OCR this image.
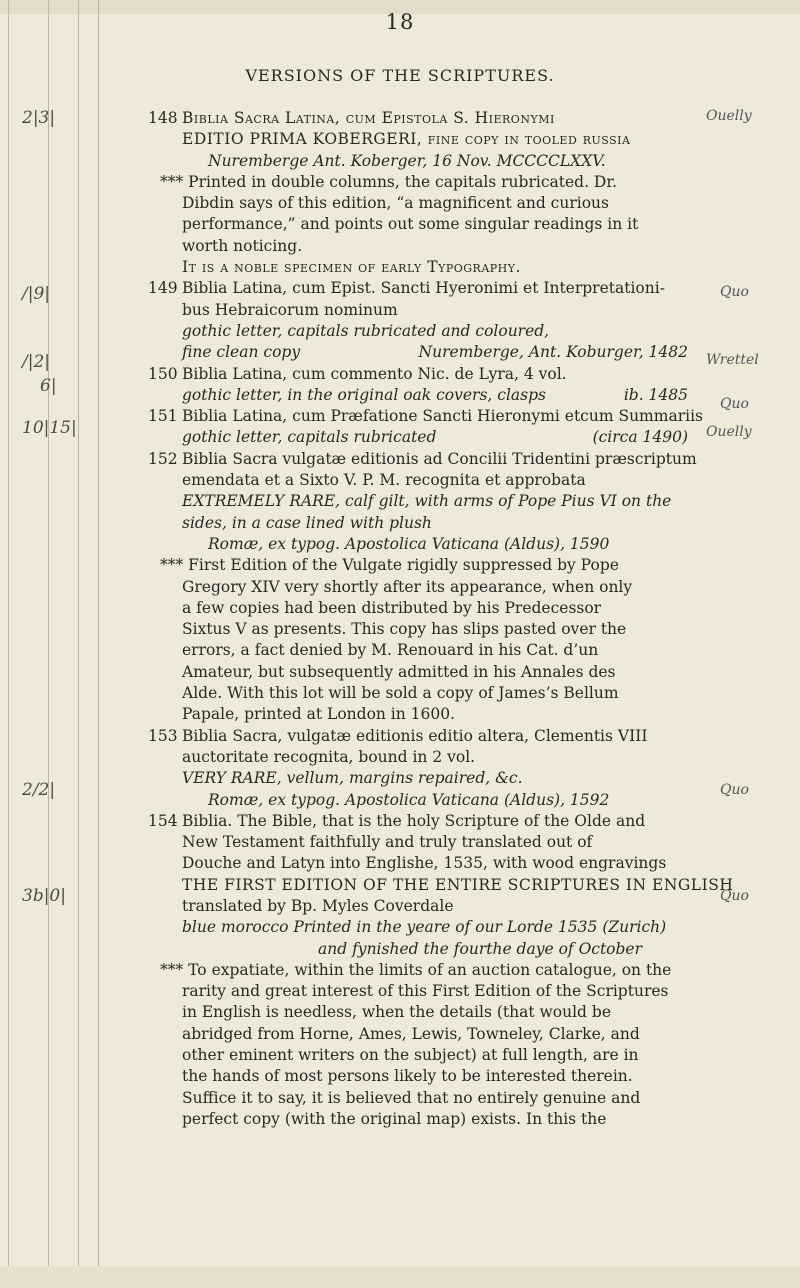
18
VERSIONS OF THE SCRIPTURES.
2|3|
/|9|
/|2|
6|
10|15|
2/2|
3b|0|
Ouelly
Quo
Wrettel
Quo
Ouelly
Quo
Quo
148 Biblia Sacra Latina, cum Epistola S. Hieronymi
EDITIO PRIMA KOBERGERI, fine copy in tooled russia
Nuremberge Ant. Koberger, 16 Nov. MCCCCLXXV.
*** Printed in double columns, the capitals rubricated. Dr.
Dibdin says of this edition, “a magnificent and curious
performance,” and points out some singular readings in it
worth noticing.
It is a noble specimen of early Typography.
149 Biblia Latina, cum Epist. Sancti Hyeronimi et Interpretationi-
bus Hebraicorum nominum
gothic letter, capitals rubricated and coloured,
fine clean copy	Nuremberge, Ant. Koburger, 1482
150 Biblia Latina, cum commento Nic. de Lyra, 4 vol.
gothic letter, in the original oak covers, clasps	ib. 1485
151 Biblia Latina, cum Præfatione Sancti Hieronymi etcum Summariis
gothic letter, capitals rubricated	(circa 1490)
152 Biblia Sacra vulgatæ editionis ad Concilii Tridentini præscriptum
emendata et a Sixto V. P. M. recognita et approbata
EXTREMELY RARE, calf gilt, with arms of Pope Pius VI on the
sides, in a case lined with plush
Romæ, ex typog. Apostolica Vaticana (Aldus), 1590
*** First Edition of the Vulgate rigidly suppressed by Pope
Gregory XIV very shortly after its appearance, when only
a few copies had been distributed by his Predecessor
Sixtus V as presents. This copy has slips pasted over the
errors, a fact denied by M. Renouard in his Cat. d’un
Amateur, but subsequently admitted in his Annales des
Alde. With this lot will be sold a copy of James’s Bellum
Papale, printed at London in 1600.
153 Biblia Sacra, vulgatæ editionis editio altera, Clementis VIII
auctoritate recognita, bound in 2 vol.
VERY RARE, vellum, margins repaired, &c.
Romæ, ex typog. Apostolica Vaticana (Aldus), 1592
154 Biblia. The Bible, that is the holy Scripture of the Olde and
New Testament faithfully and truly translated out of
Douche and Latyn into Englishe, 1535, with wood engravings
THE FIRST EDITION OF THE ENTIRE SCRIPTURES IN ENGLISH
translated by Bp. Myles Coverdale
blue morocco Printed in the yeare of our Lorde 1535 (Zurich)
and fynished the fourthe daye of October
*** To expatiate, within the limits of an auction catalogue, on the
rarity and great interest of this First Edition of the Scriptures
in English is needless, when the details (that would be
abridged from Horne, Ames, Lewis, Towneley, Clarke, and
other eminent writers on the subject) at full length, are in
the hands of most persons likely to be interested therein.
Suffice it to say, it is believed that no entirely genuine and
perfect copy (with the original map) exists. In this the
